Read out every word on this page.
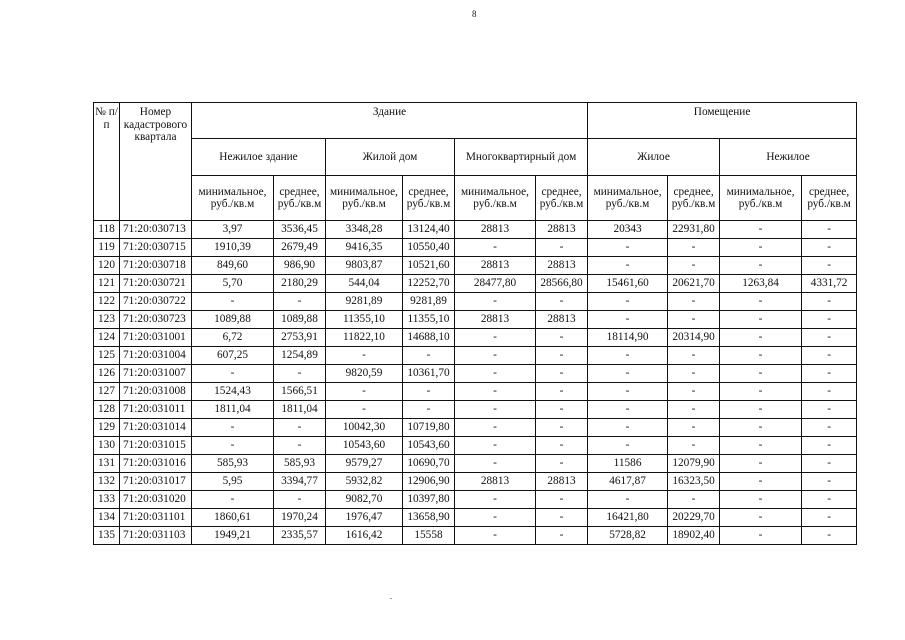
8
№ п/п	Номер кадастрового квартала	Здание						Помещение			
		Нежилое здание		Жилой дом		Многоквартирный дом		Жилое		Нежилое	
		минимальное, руб./кв.м	среднее, руб./кв.м	минимальное, руб./кв.м	среднее, руб./кв.м	минимальное, руб./кв.м	среднее, руб./кв.м	минимальное, руб./кв.м	среднее, руб./кв.м	минимальное, руб./кв.м	среднее, руб./кв.м
118	71:20:030713	3,97	3536,45	3348,28	13124,40	28813	28813	20343	22931,80	-	-
119	71:20:030715	1910,39	2679,49	9416,35	10550,40	-	-	-	-	-	-
120	71:20:030718	849,60	986,90	9803,87	10521,60	28813	28813	-	-	-	-
121	71:20:030721	5,70	2180,29	544,04	12252,70	28477,80	28566,80	15461,60	20621,70	1263,84	4331,72
122	71:20:030722	-	-	9281,89	9281,89	-	-	-	-	-	-
123	71:20:030723	1089,88	1089,88	11355,10	11355,10	28813	28813	-	-	-	-
124	71:20:031001	6,72	2753,91	11822,10	14688,10	-	-	18114,90	20314,90	-	-
125	71:20:031004	607,25	1254,89	-	-	-	-	-	-	-	-
126	71:20:031007	-	-	9820,59	10361,70	-	-	-	-	-	-
127	71:20:031008	1524,43	1566,51	-	-	-	-	-	-	-	-
128	71:20:031011	1811,04	1811,04	-	-	-	-	-	-	-	-
129	71:20:031014	-	-	10042,30	10719,80	-	-	-	-	-	-
130	71:20:031015	-	-	10543,60	10543,60	-	-	-	-	-	-
131	71:20:031016	585,93	585,93	9579,27	10690,70	-	-	11586	12079,90	-	-
132	71:20:031017	5,95	3394,77	5932,82	12906,90	28813	28813	4617,87	16323,50	-	-
133	71:20:031020	-	-	9082,70	10397,80	-	-	-	-	-	-
134	71:20:031101	1860,61	1970,24	1976,47	13658,90	-	-	16421,80	20229,70	-	-
135	71:20:031103	1949,21	2335,57	1616,42	15558	-	-	5728,82	18902,40	-	-
